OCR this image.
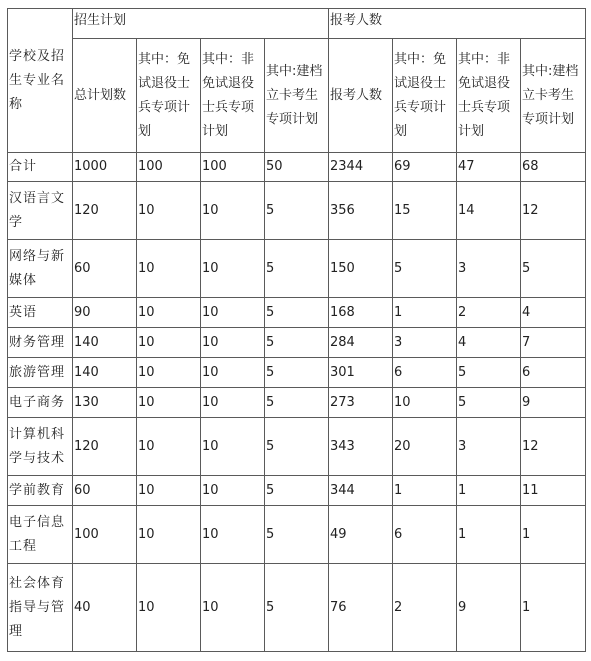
学校及招生专业名称	招生计划				报考人数			
	总计划数	其中：免试退役士兵专项计划	其中：非免试退役士兵专项计划	其中:建档立卡考生专项计划	报考人数	其中：免试退役士兵专项计划	其中：非免试退役士兵专项计划	其中:建档立卡考生专项计划
合计	1000	100	100	50	2344	69	47	68
汉语言文学	120	10	10	5	356	15	14	12
网络与新媒体	60	10	10	5	150	5	3	5
英语	90	10	10	5	168	1	2	4
财务管理	140	10	10	5	284	3	4	7
旅游管理	140	10	10	5	301	6	5	6
电子商务	130	10	10	5	273	10	5	9
计算机科学与技术	120	10	10	5	343	20	3	12
学前教育	60	10	10	5	344	1	1	11
电子信息工程	100	10	10	5	49	6	1	1
社会体育指导与管理	40	10	10	5	76	2	9	1
